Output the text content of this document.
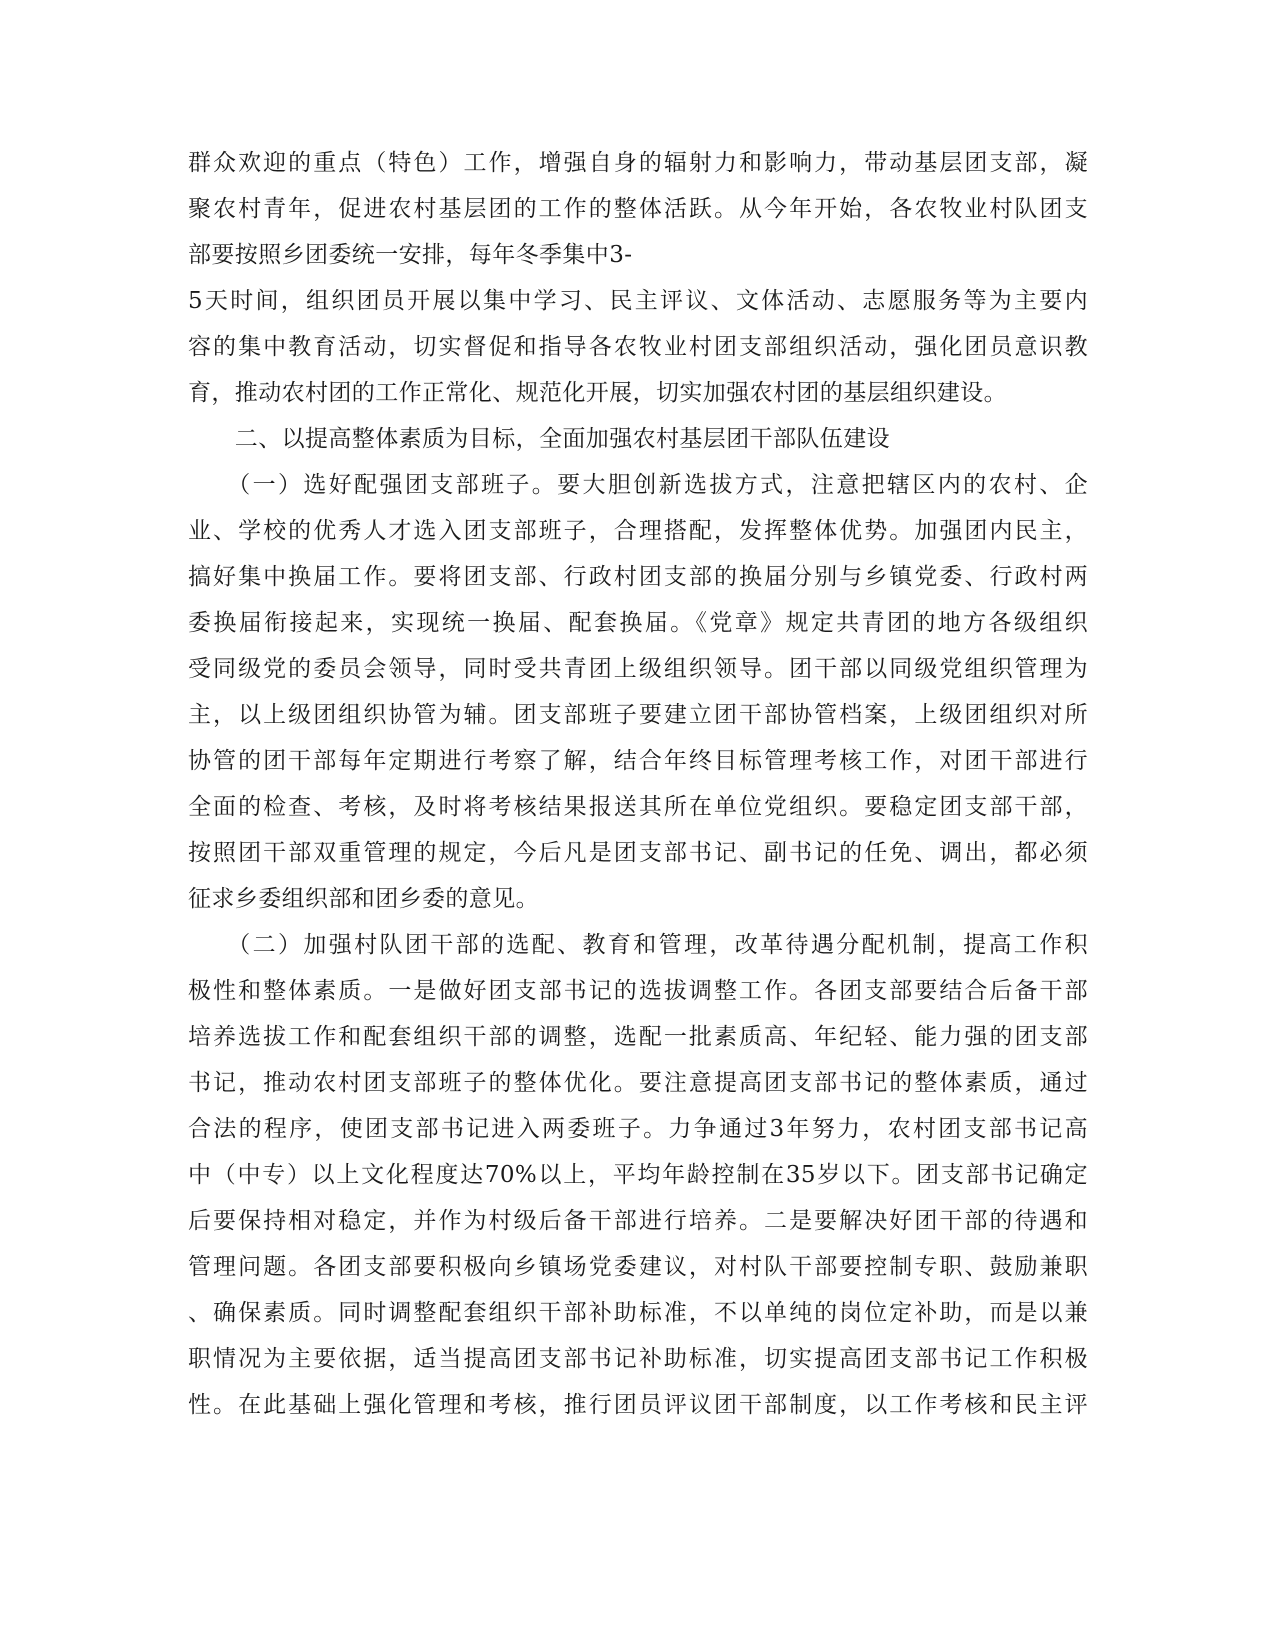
群众欢迎的重点（特色）工作，增强自身的辐射力和影响力，带动基层团支部，凝
聚农村青年，促进农村基层团的工作的整体活跃。从今年开始，各农牧业村队团支
部要按照乡团委统一安排，每年冬季集中3-
5天时间，组织团员开展以集中学习、民主评议、文体活动、志愿服务等为主要内
容的集中教育活动，切实督促和指导各农牧业村团支部组织活动，强化团员意识教
育，推动农村团的工作正常化、规范化开展，切实加强农村团的基层组织建设。
　　二、以提高整体素质为目标，全面加强农村基层团干部队伍建设
　　（一）选好配强团支部班子。要大胆创新选拔方式，注意把辖区内的农村、企
业、学校的优秀人才选入团支部班子，合理搭配，发挥整体优势。加强团内民主，
搞好集中换届工作。要将团支部、行政村团支部的换届分别与乡镇党委、行政村两
委换届衔接起来，实现统一换届、配套换届。《党章》规定共青团的地方各级组织
受同级党的委员会领导，同时受共青团上级组织领导。团干部以同级党组织管理为
主，以上级团组织协管为辅。团支部班子要建立团干部协管档案，上级团组织对所
协管的团干部每年定期进行考察了解，结合年终目标管理考核工作，对团干部进行
全面的检查、考核，及时将考核结果报送其所在单位党组织。要稳定团支部干部，
按照团干部双重管理的规定，今后凡是团支部书记、副书记的任免、调出，都必须
征求乡委组织部和团乡委的意见。
　　（二）加强村队团干部的选配、教育和管理，改革待遇分配机制，提高工作积
极性和整体素质。一是做好团支部书记的选拔调整工作。各团支部要结合后备干部
培养选拔工作和配套组织干部的调整，选配一批素质高、年纪轻、能力强的团支部
书记，推动农村团支部班子的整体优化。要注意提高团支部书记的整体素质，通过
合法的程序，使团支部书记进入两委班子。力争通过3年努力，农村团支部书记高
中（中专）以上文化程度达70%以上，平均年龄控制在35岁以下。团支部书记确定
后要保持相对稳定，并作为村级后备干部进行培养。二是要解决好团干部的待遇和
管理问题。各团支部要积极向乡镇场党委建议，对村队干部要控制专职、鼓励兼职
、确保素质。同时调整配套组织干部补助标准，不以单纯的岗位定补助，而是以兼
职情况为主要依据，适当提高团支部书记补助标准，切实提高团支部书记工作积极
性。在此基础上强化管理和考核，推行团员评议团干部制度，以工作考核和民主评
